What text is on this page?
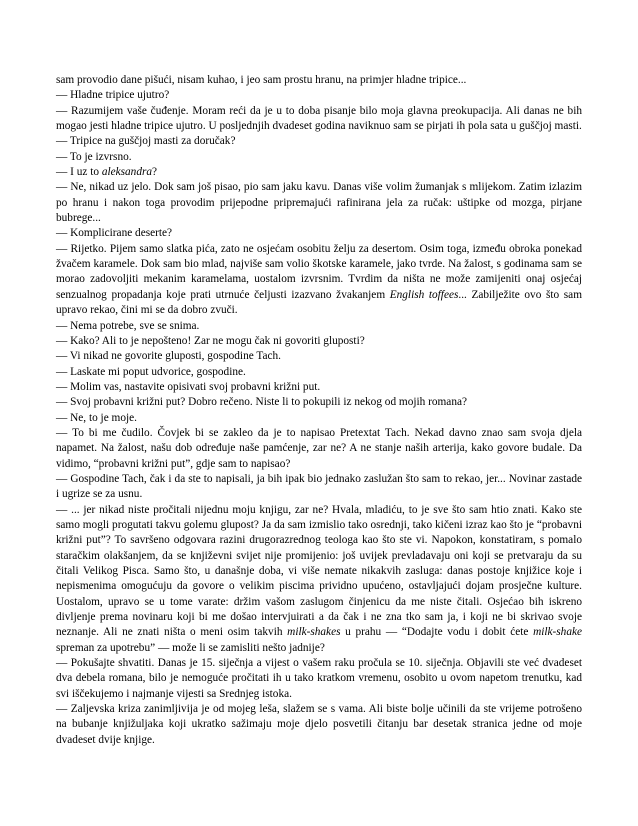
sam provodio dane pišući, nisam kuhao, i jeo sam prostu hranu, na primjer hladne tripice...

— Hladne tripice ujutro?

— Razumijem vaše čuđenje. Moram reći da je u to doba pisanje bilo moja glavna preokupacija. Ali danas ne bih mogao jesti hladne tripice ujutro. U posljednjih dvadeset godina naviknuo sam se pirjati ih pola sata u guščjoj masti.

— Tripice na guščjoj masti za doručak?

— To je izvrsno.

— I uz to aleksandra?

— Ne, nikad uz jelo. Dok sam još pisao, pio sam jaku kavu. Danas više volim žumanjak s mlijekom. Zatim izlazim po hranu i nakon toga provodim prijepodne pripremajući rafinirana jela za ručak: uštipke od mozga, pirjane bubrege...

— Komplicirane deserte?

— Rijetko. Pijem samo slatka pića, zato ne osjećam osobitu želju za desertom. Osim toga, između obroka ponekad žvačem karamele. Dok sam bio mlad, najviše sam volio škotske karamele, jako tvrde. Na žalost, s godinama sam se morao zadovoljiti mekanim karamelama, uostalom izvrsnim. Tvrdim da ništa ne može zamijeniti onaj osjećaj senzualnog propadanja koje prati utrnuće čeljusti izazvano žvakanjem English toffees... Zabilježite ovo što sam upravo rekao, čini mi se da dobro zvuči.

— Nema potrebe, sve se snima.

— Kako? Ali to je nepošteno! Zar ne mogu čak ni govoriti gluposti?

— Vi nikad ne govorite gluposti, gospodine Tach.

— Laskate mi poput udvorice, gospodine.

— Molim vas, nastavite opisivati svoj probavni križni put.

— Svoj probavni križni put? Dobro rečeno. Niste li to pokupili iz nekog od mojih romana?

— Ne, to je moje.

— To bi me čudilo. Čovjek bi se zakleo da je to napisao Pretextat Tach. Nekad davno znao sam svoja djela napamet. Na žalost, našu dob određuje naše pamćenje, zar ne? A ne stanje naših arterija, kako govore budale. Da vidimo, “probavni križni put”, gdje sam to napisao?

— Gospodine Tach, čak i da ste to napisali, ja bih ipak bio jednako zaslužan što sam to rekao, jer... Novinar zastade i ugrize se za usnu.

— ... jer nikad niste pročitali nijednu moju knjigu, zar ne? Hvala, mladiću, to je sve što sam htio znati. Kako ste samo mogli progutati takvu golemu glupost? Ja da sam izmislio tako osrednji, tako kičeni izraz kao što je “probavni križni put”? To savršeno odgovara razini drugorazrednog teologa kao što ste vi. Napokon, konstatiram, s pomalo staračkim olakšanjem, da se književni svijet nije promijenio: još uvijek prevladavaju oni koji se pretvaraju da su čitali Velikog Pisca. Samo što, u današnje doba, vi više nemate nikakvih zasluga: danas postoje knjižice koje i nepismenima omogućuju da govore o velikim piscima prividno upućeno, ostavljajući dojam prosječne kulture. Uostalom, upravo se u tome varate: držim vašom zaslugom činjenicu da me niste čitali. Osjećao bih iskreno divljenje prema novinaru koji bi me došao intervjuirati a da čak i ne zna tko sam ja, i koji ne bi skrivao svoje neznanje. Ali ne znati ništa o meni osim takvih milk-shakes u prahu — “Dodajte vodu i dobit ćete milk-shake spreman za upotrebu” — može li se zamisliti nešto jadnije?

— Pokušajte shvatiti. Danas je 15. siječnja a vijest o vašem raku pročula se 10. siječnja. Objavili ste već dvadeset dva debela romana, bilo je nemoguće pročitati ih u tako kratkom vremenu, osobito u ovom napetom trenutku, kad svi iščekujemo i najmanje vijesti sa Srednjeg istoka.

— Zaljevska kriza zanimljivija je od mojeg leša, slažem se s vama. Ali biste bolje učinili da ste vrijeme potrošeno na bubanje knjižuljaka koji ukratko sažimaju moje djelo posvetili čitanju bar desetak stranica jedne od moje dvadeset dvije knjige.
